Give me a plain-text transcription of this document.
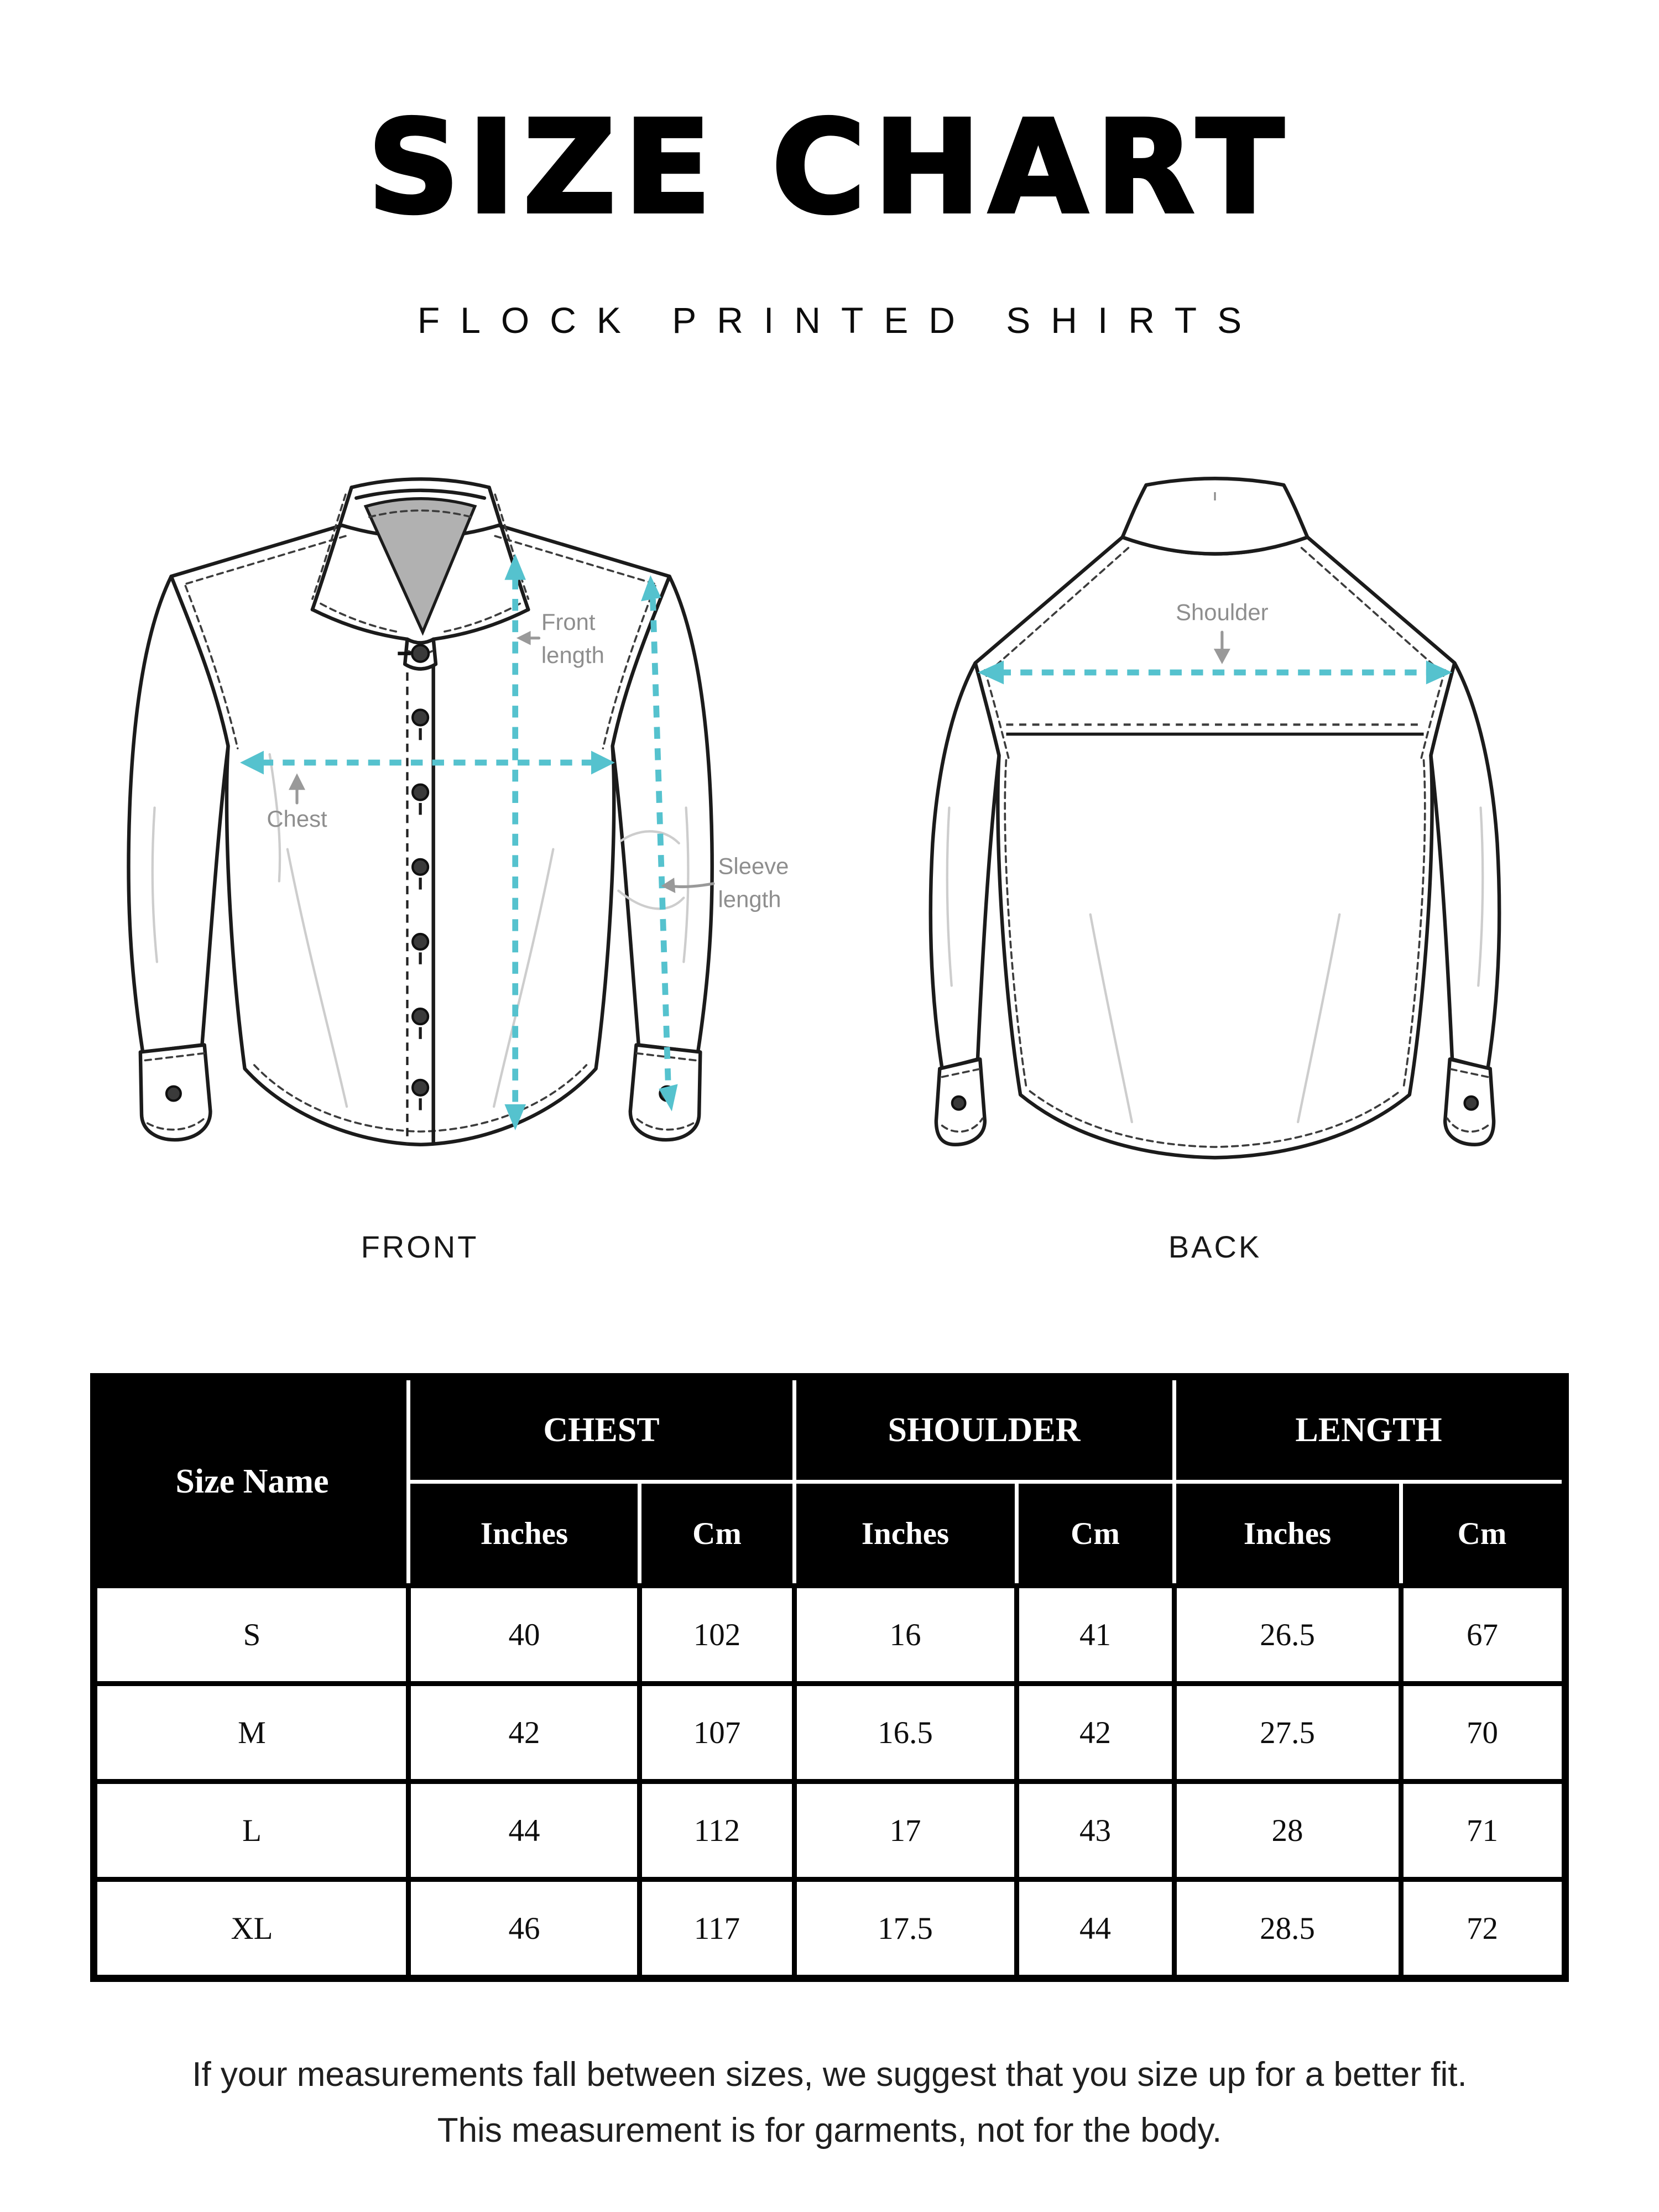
SIZE CHART
FLOCK PRINTED SHIRTS
Front
length
Chest
Sleeve
length
FRONT
Shoulder
BACK
Size Name	CHEST		SHOULDER		LENGTH	
	Inches	Cm	Inches	Cm	Inches	Cm
S	40	102	16	41	26.5	67
M	42	107	16.5	42	27.5	70
L	44	112	17	43	28	71
XL	46	117	17.5	44	28.5	72

If your measurements fall between sizes, we suggest that you size up for a better fit.

This measurement is for garments, not for the body.
